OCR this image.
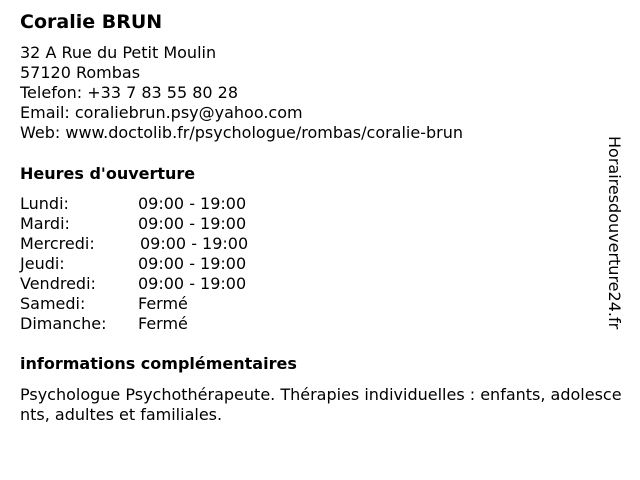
Coralie BRUN
32 A Rue du Petit Moulin
57120 Rombas
Telefon: +33 7 83 55 80 28
Email: coraliebrun.psy@yahoo.com
Web: www.doctolib.fr/psychologue/rombas/coralie-brun
Heures d'ouverture
Lundi:	09:00 - 19:00
Mardi:	09:00 - 19:00
Mercredi:	09:00 - 19:00
Jeudi:	09:00 - 19:00
Vendredi:	09:00 - 19:00
Samedi:	Fermé
Dimanche: Fermé
informations complémentaires
Psychologue Psychothérapeute. Thérapies individuelles : enfants, adolescents, adultes et familiales.
Horairesdouverture24.fr
